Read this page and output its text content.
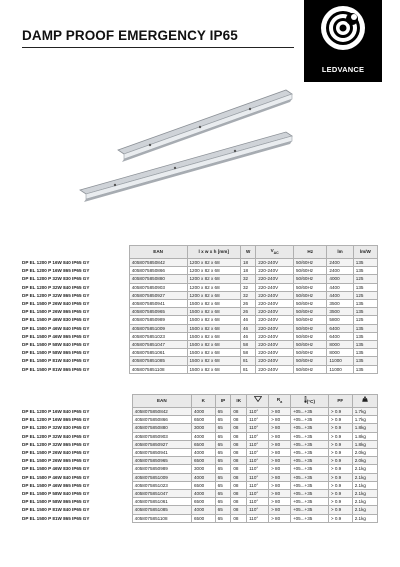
DAMP PROOF EMERGENCY IP65
LEDVANCE
	EAN	l x w x h [mm]	W	$V_{AC}$	Hz	lm	lm/W
DP EL 1200 P 16W 840 IP65 GY	4058075850842	1200 x 82 x 68	18	220-240V	50/60Hz	2400	135
DP EL 1200 P 16W 865 IP65 GY	4058075850866	1200 x 82 x 68	18	220-240V	50/60Hz	2400	135
DP EL 1200 P 32W 830 IP65 GY	4058075850880	1200 x 82 x 68	32	220-240V	50/60Hz	4000	125
DP EL 1200 P 32W 840 IP65 GY	4058075850903	1200 x 82 x 68	32	220-240V	50/60Hz	4400	135
DP EL 1200 P 32W 865 IP65 GY	4058075850927	1200 x 82 x 68	32	220-240V	50/60Hz	4400	125
DP EL 1500 P 26W 840 IP65 GY	4058075850941	1500 x 82 x 68	26	220-240V	50/60Hz	3500	135
DP EL 1500 P 26W 865 IP65 GY	4058075850965	1500 x 82 x 68	26	220-240V	50/60Hz	3500	135
DP EL 1500 P 46W 830 IP65 GY	4058075850989	1500 x 82 x 68	46	220-240V	50/60Hz	5800	125
DP EL 1500 P 46W 840 IP65 GY	4058075851009	1500 x 82 x 68	46	220-240V	50/60Hz	6400	135
DP EL 1500 P 46W 865 IP65 GY	4058075851023	1500 x 82 x 68	46	220-240V	50/60Hz	6400	135
DP EL 1500 P 58W 840 IP65 GY	4058075851047	1500 x 82 x 68	58	220-240V	50/60Hz	8000	135
DP EL 1500 P 58W 865 IP65 GY	4058075851061	1500 x 82 x 68	58	220-240V	50/60Hz	8000	135
DP EL 1500 P 81W 840 IP65 GY	4058075851085	1500 x 82 x 68	81	220-240V	50/60Hz	11000	135
DP EL 1500 P 81W 865 IP65 GY	4058075851108	1500 x 82 x 68	81	220-240V	50/60Hz	11000	135
	EAN	K	IP	IK		$R_a$	(°C)	PF	
DP EL 1200 P 16W 840 IP65 GY	4058075850842	4000	65	08	110°	> 80	+05...+35	> 0.9	1.7kg
DP EL 1200 P 16W 865 IP65 GY	4058075850866	6500	65	08	110°	> 80	+05...+35	> 0.9	1.7kg
DP EL 1200 P 32W 830 IP65 GY	4058075850880	3000	65	08	110°	> 80	+05...+35	> 0.9	1.8kg
DP EL 1200 P 32W 840 IP65 GY	4058075850903	4000	65	08	110°	> 80	+05...+35	> 0.9	1.8kg
DP EL 1200 P 32W 865 IP65 GY	4058075850927	6500	65	08	110°	> 80	+05...+35	> 0.9	1.8kg
DP EL 1500 P 26W 840 IP65 GY	4058075850941	4000	65	08	110°	> 80	+05...+35	> 0.9	2.0kg
DP EL 1500 P 26W 865 IP65 GY	4058075850965	6500	65	08	110°	> 80	+05...+35	> 0.9	2.0kg
DP EL 1500 P 46W 830 IP65 GY	4058075850989	3000	65	08	110°	> 80	+05...+35	> 0.9	2.1kg
DP EL 1500 P 46W 840 IP65 GY	4058075851009	4000	65	08	110°	> 80	+05...+35	> 0.9	2.1kg
DP EL 1500 P 46W 865 IP65 GY	4058075851023	6500	65	08	110°	> 80	+05...+35	> 0.9	2.1kg
DP EL 1500 P 58W 840 IP65 GY	4058075851047	4000	65	08	110°	> 80	+05...+35	> 0.9	2.1kg
DP EL 1500 P 58W 865 IP65 GY	4058075851061	6500	65	08	110°	> 80	+05...+35	> 0.9	2.1kg
DP EL 1500 P 81W 840 IP65 GY	4058075851085	4000	65	08	110°	> 80	+05...+35	> 0.9	2.1kg
DP EL 1500 P 81W 865 IP65 GY	4058075851108	6500	65	08	110°	> 80	+05...+35	> 0.9	2.1kg
